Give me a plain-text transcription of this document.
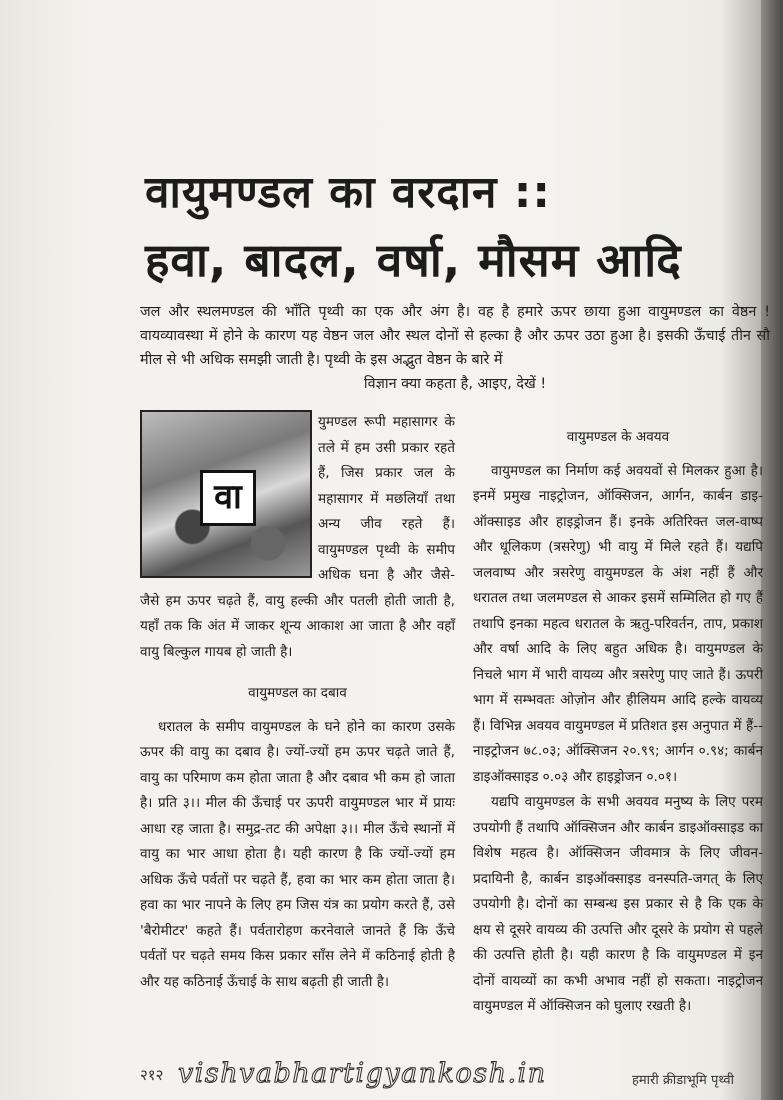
वायुमण्डल का वरदान ::
हवा, बादल, वर्षा, मौसम आदि
जल और स्थलमण्डल की भाँति पृथ्वी का एक और अंग है। वह है हमारे ऊपर छाया हुआ वायुमण्डल का वेष्ठन ! वायव्यावस्था में होने के कारण यह वेष्ठन जल और स्थल दोनों से हल्का है और ऊपर उठा हुआ है। इसकी ऊँचाई तीन सौ मील से भी अधिक समझी जाती है। पृथ्वी के इस अद्भुत वेष्ठन के बारे में
विज्ञान क्या कहता है, आइए, देखें !
वा
युमण्डल रूपी महासागर के तले में हम उसी प्रकार रहते हैं, जिस प्रकार जल के महासागर में मछलियाँ तथा अन्य जीव रहते हैं। वायुमण्डल पृथ्वी के समीप अधिक घना है और जैसे-जैसे हम ऊपर चढ़ते हैं, वायु हल्की और पतली होती जाती है, यहाँ तक कि अंत में जाकर शून्य आकाश आ जाता है और वहाँ वायु बिल्कुल गायब हो जाती है।
वायुमण्डल का दबाव
धरातल के समीप वायुमण्डल के घने होने का कारण उसके ऊपर की वायु का दबाव है। ज्यों-ज्यों हम ऊपर चढ़ते जाते हैं, वायु का परिमाण कम होता जाता है और दबाव भी कम हो जाता है। प्रति ३।। मील की ऊँचाई पर ऊपरी वायुमण्डल भार में प्रायः आधा रह जाता है। समुद्र-तट की अपेक्षा ३।। मील ऊँचे स्थानों में वायु का भार आधा होता है। यही कारण है कि ज्यों-ज्यों हम अधिक ऊँचे पर्वतों पर चढ़ते हैं, हवा का भार कम होता जाता है। हवा का भार नापने के लिए हम जिस यंत्र का प्रयोग करते हैं, उसे 'बैरोमीटर' कहते हैं। पर्वतारोहण करनेवाले जानते हैं कि ऊँचे पर्वतों पर चढ़ते समय किस प्रकार साँस लेने में कठिनाई होती है और यह कठिनाई ऊँचाई के साथ बढ़ती ही जाती है।
वायुमण्डल के अवयव
वायुमण्डल का निर्माण कई अवयवों से मिलकर हुआ है। इनमें प्रमुख नाइट्रोजन, ऑक्सिजन, आर्गन, कार्बन डाइ-ऑक्साइड और हाइड्रोजन हैं। इनके अतिरिक्त जल-वाष्प और धूलिकण (त्रसरेणु) भी वायु में मिले रहते हैं। यद्यपि जलवाष्प और त्रसरेणु वायुमण्डल के अंश नहीं हैं और धरातल तथा जलमण्डल से आकर इसमें सम्मिलित हो गए हैं तथापि इनका महत्व धरातल के ऋतु-परिवर्तन, ताप, प्रकाश और वर्षा आदि के लिए बहुत अधिक है। वायुमण्डल के निचले भाग में भारी वायव्य और त्रसरेणु पाए जाते हैं। ऊपरी भाग में सम्भवतः ओज़ोन और हीलियम आदि हल्के वायव्य हैं। विभिन्न अवयव वायुमण्डल में प्रतिशत इस अनुपात में हैं--नाइट्रोजन ७८.०३; ऑक्सिजन २०.९९; आर्गन ०.९४; कार्बन डाइऑक्साइड ०.०३ और हाइड्रोजन ०.०१।
यद्यपि वायुमण्डल के सभी अवयव मनुष्य के लिए परम उपयोगी हैं तथापि ऑक्सिजन और कार्बन डाइऑक्साइड का विशेष महत्व है। ऑक्सिजन जीवमात्र के लिए जीवन-प्रदायिनी है, कार्बन डाइऑक्साइड वनस्पति-जगत् के लिए उपयोगी है। दोनों का सम्बन्ध इस प्रकार से है कि एक के क्षय से दूसरे वायव्य की उत्पत्ति और दूसरे के प्रयोग से पहले की उत्पत्ति होती है। यही कारण है कि वायुमण्डल में इन दोनों वायव्यों का कभी अभाव नहीं हो सकता। नाइट्रोजन वायुमण्डल में ऑक्सिजन को घुलाए रखती है।
२१२ vishvabhartigyankosh.in	हमारी क्रीडाभूमि पृथ्वी
